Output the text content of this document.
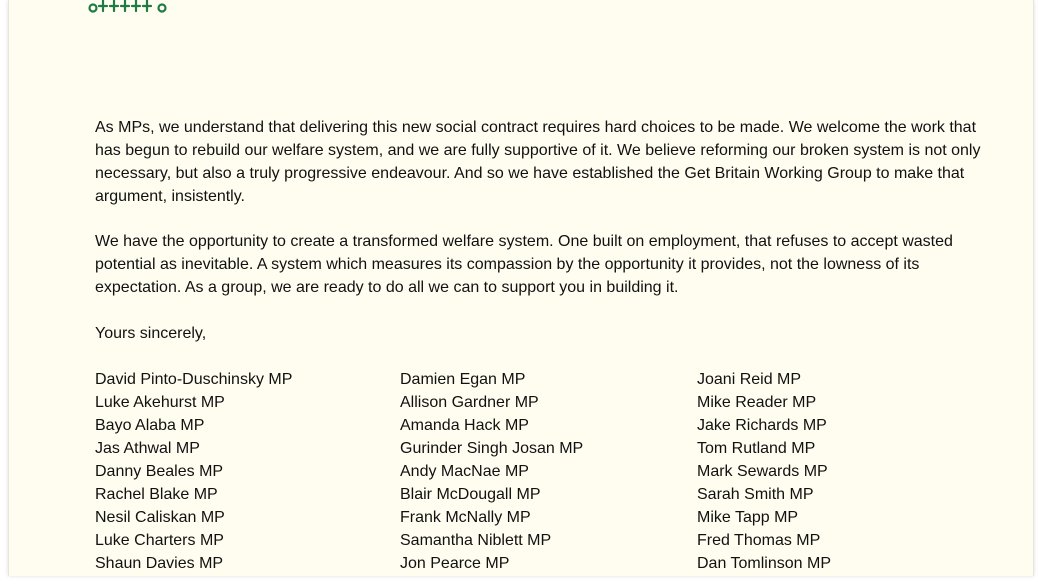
As MPs, we understand that delivering this new social contract requires hard choices to be made. We welcome the work that has begun to rebuild our welfare system, and we are fully supportive of it. We believe reforming our broken system is not only necessary, but also a truly progressive endeavour. And so we have established the Get Britain Working Group to make that argument, insistently.

We have the opportunity to create a transformed welfare system. One built on employment, that refuses to accept wasted potential as inevitable. A system which measures its compassion by the opportunity it provides, not the lowness of its expectation. As a group, we are ready to do all we can to support you in building it.

Yours sincerely,

David Pinto-Duschinsky MP
Luke Akehurst MP
Bayo Alaba MP
Jas Athwal MP
Danny Beales MP
Rachel Blake MP
Nesil Caliskan MP
Luke Charters MP
Shaun Davies MP
Damien Egan MP
Allison Gardner MP
Amanda Hack MP
Gurinder Singh Josan MP
Andy MacNae MP
Blair McDougall MP
Frank McNally MP
Samantha Niblett MP
Jon Pearce MP
Joani Reid MP
Mike Reader MP
Jake Richards MP
Tom Rutland MP
Mark Sewards MP
Sarah Smith MP
Mike Tapp MP
Fred Thomas MP
Dan Tomlinson MP
